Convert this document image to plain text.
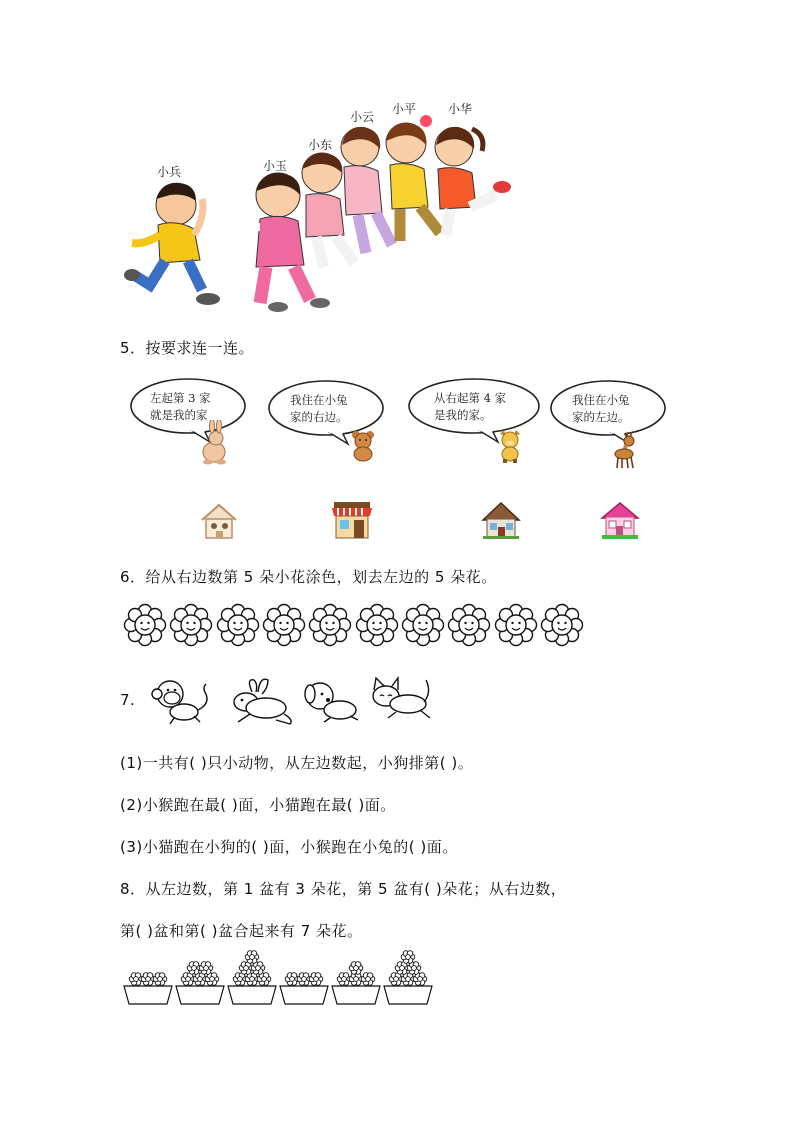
小兵	小玉
小东
小云
小平	小华
5．按要求连一连。
左起第 3 家
就是我的家
我住在小兔
家的右边。
从右起第 4 家
是我的家。
我住在小兔
家的左边。
6．给从右边数第 5 朵小花涂色，划去左边的 5 朵花。
7.
(1)一共有( )只小动物，从左边数起，小狗排第( )。
(2)小猴跑在最( )面，小猫跑在最( )面。
(3)小猫跑在小狗的( )面，小猴跑在小兔的( )面。
8．从左边数，第 1 盆有 3 朵花，第 5 盆有( )朵花；从右边数，
第( )盆和第( )盆合起来有 7 朵花。
